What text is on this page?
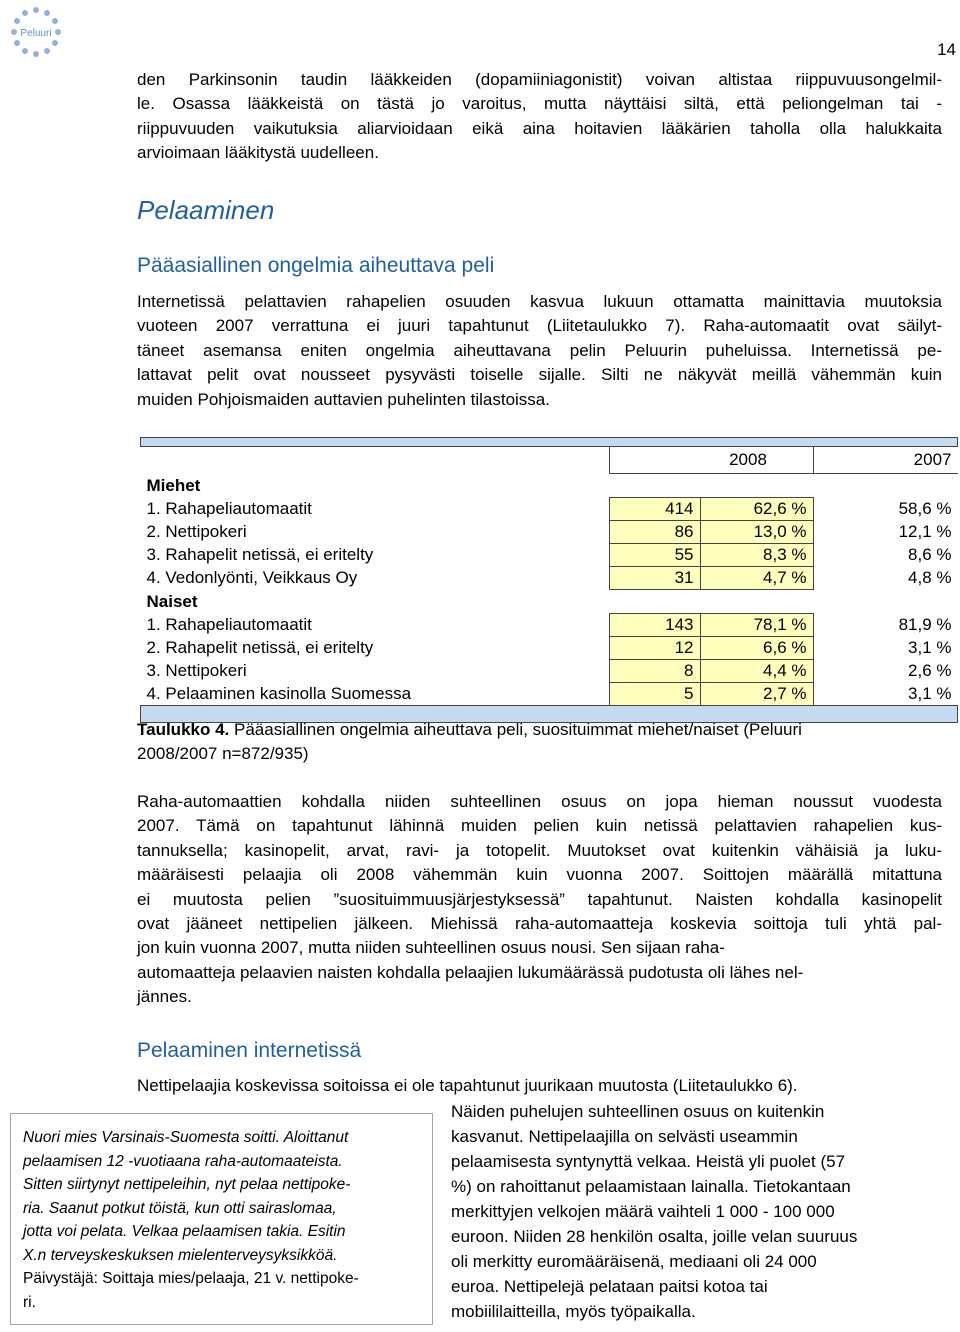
Peluuri
14
den Parkinsonin taudin lääkkeiden (dopamiiniagonistit) voivan altistaa riippuvuusongelmil-
le. Osassa lääkkeistä on tästä jo varoitus, mutta näyttäisi siltä, että peliongelman tai -
riippuvuuden vaikutuksia aliarvioidaan eikä aina hoitavien lääkärien taholla olla halukkaita
arvioimaan lääkitystä uudelleen.
Pelaaminen
Pääasiallinen ongelmia aiheuttava peli
Internetissä pelattavien rahapelien osuuden kasvua lukuun ottamatta mainittavia muutoksia
vuoteen 2007 verrattuna ei juuri tapahtunut (Liitetaulukko 7). Raha-automaatit ovat säilyt-
täneet asemansa eniten ongelmia aiheuttavana pelin Peluurin puheluissa. Internetissä pe-
lattavat pelit ovat nousseet pysyvästi toiselle sijalle. Silti ne näkyvät meillä vähemmän kuin
muiden Pohjoismaiden auttavien puhelinten tilastoissa.

	2008		2007
Miehet			
1. Rahapeliautomaatit	414	62,6 %	58,6 %
2. Nettipokeri	86	13,0 %	12,1 %
3. Rahapelit netissä, ei eritelty	55	8,3 %	8,6 %
4. Vedonlyönti, Veikkaus Oy	31	4,7 %	4,8 %
Naiset			
1. Rahapeliautomaatit	143	78,1 %	81,9 %
2. Rahapelit netissä, ei eritelty	12	6,6 %	3,1 %
3. Nettipokeri	8	4,4 %	2,6 %
4. Pelaaminen kasinolla Suomessa	5	2,7 %	3,1 %

Taulukko 4. Pääasiallinen ongelmia aiheuttava peli, suosituimmat miehet/naiset (Peluuri
2008/2007 n=872/935)
Raha-automaattien kohdalla niiden suhteellinen osuus on jopa hieman noussut vuodesta
2007. Tämä on tapahtunut lähinnä muiden pelien kuin netissä pelattavien rahapelien kus-
tannuksella; kasinopelit, arvat, ravi- ja totopelit. Muutokset ovat kuitenkin vähäisiä ja luku-
määräisesti pelaajia oli 2008 vähemmän kuin vuonna 2007. Soittojen määrällä mitattuna
ei muutosta pelien ”suosituimmuusjärjestyksessä” tapahtunut. Naisten kohdalla kasinopelit
ovat jääneet nettipelien jälkeen. Miehissä raha-automaatteja koskevia soittoja tuli yhtä pal-
jon kuin vuonna 2007, mutta niiden suhteellinen osuus nousi. Sen sijaan raha-
automaatteja pelaavien naisten kohdalla pelaajien lukumäärässä pudotusta oli lähes nel-
jännes.
Pelaaminen internetissä
Nettipelaajia koskevissa soitoissa ei ole tapahtunut juurikaan muutosta (Liitetaulukko 6).
Näiden puhelujen suhteellinen osuus on kuitenkin
kasvanut. Nettipelaajilla on selvästi useammin
pelaamisesta syntynyttä velkaa. Heistä yli puolet (57
%) on rahoittanut pelaamistaan lainalla. Tietokantaan
merkittyjen velkojen määrä vaihteli 1 000 - 100 000
euroon. Niiden 28 henkilön osalta, joille velan suuruus
oli merkitty euromääräisenä, mediaani oli 24 000
euroa. Nettipelejä pelataan paitsi kotoa tai
mobiililaitteilla, myös työpaikalla.
Nuori mies Varsinais-Suomesta soitti. Aloittanut
pelaamisen 12 -vuotiaana raha-automaateista.
Sitten siirtynyt nettipeleihin, nyt pelaa nettipoke-
ria. Saanut potkut töistä, kun otti sairaslomaa,
jotta voi pelata. Velkaa pelaamisen takia. Esitin
X.n terveyskeskuksen mielenterveysyksikköä.
Päivystäjä: Soittaja mies/pelaaja, 21 v. nettipoke-
ri.
